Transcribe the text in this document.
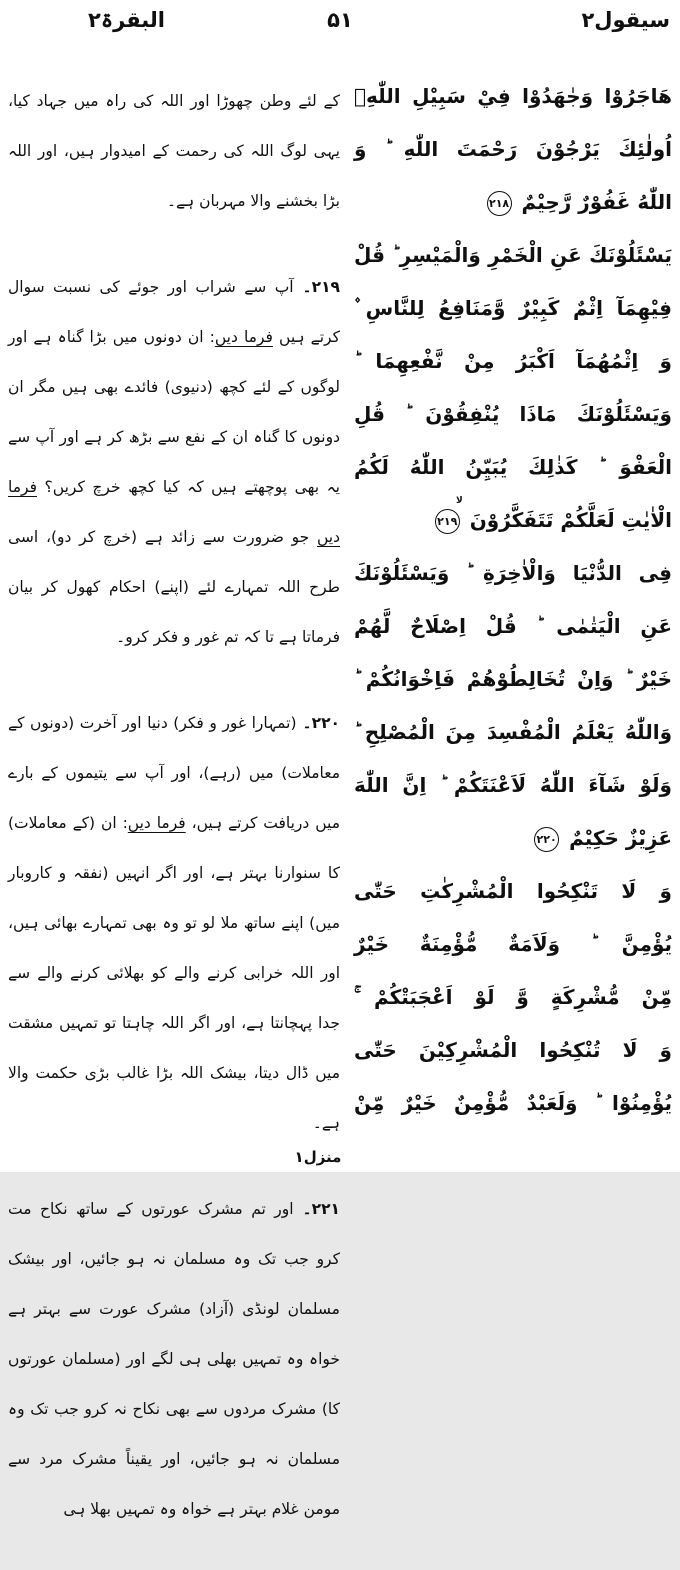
سیقول۲
۵۱
البقرۃ۲
هَاجَرُوْا وَجٰهَدُوْا فِيْ سَبِيْلِ اللّٰهِۙ
اُولٰئِكَ يَرْجُوْنَ رَحْمَتَ اللّٰهِ ؕ وَ
اللّٰهُ غَفُوْرٌ رَّحِيْمٌ ۲۱۸
يَسْئَلُوْنَكَ عَنِ الْخَمْرِ وَالْمَيْسِرِ ؕ قُلْ
فِيْهِمَآ اِثْمٌ كَبِيْرٌ وَّمَنَافِعُ لِلنَّاسِ ۫
وَ اِثْمُهُمَآ اَكْبَرُ مِنْ نَّفْعِهِمَا ؕ
وَيَسْئَلُوْنَكَ مَاذَا يُنْفِقُوْنَ ؕ قُلِ
الْعَفْوَ ؕ كَذٰلِكَ يُبَيِّنُ اللّٰهُ لَكُمُ
الْاٰيٰتِ لَعَلَّكُمْ تَتَفَكَّرُوْنَ ۲۱۹
لا
فِى الدُّنْيَا وَالْاٰخِرَةِ ؕ وَيَسْئَلُوْنَكَ
عَنِ الْيَتٰمٰى ؕ قُلْ اِصْلَاحٌ لَّهُمْ
خَيْرٌ ؕ وَاِنْ تُخَالِطُوْهُمْ فَاِخْوَانُكُمْ ؕ
وَاللّٰهُ يَعْلَمُ الْمُفْسِدَ مِنَ الْمُصْلِحِ ؕ
وَلَوْ شَآءَ اللّٰهُ لَاَعْنَتَكُمْ ؕ اِنَّ اللّٰهَ
عَزِيْزٌ حَكِيْمٌ ۲۲۰
وَ لَا تَنْكِحُوا الْمُشْرِكٰتِ حَتّٰى
يُؤْمِنَّ ؕ وَلَاَمَةٌ مُّؤْمِنَةٌ خَيْرٌ
مِّنْ مُّشْرِكَةٍ وَّ لَوْ اَعْجَبَتْكُمْ ۚ
وَ لَا تُنْكِحُوا الْمُشْرِكِيْنَ حَتّٰى
يُؤْمِنُوْا ؕ وَلَعَبْدٌ مُّؤْمِنٌ خَيْرٌ مِّنْ
کے لئے وطن چھوڑا اور اللہ کی راہ میں جہاد کیا، یہی لوگ اللہ کی رحمت کے امیدوار ہیں، اور اللہ بڑا بخشنے والا مہربان ہے۔
۲۱۹۔ آپ سے شراب اور جوئے کی نسبت سوال کرتے ہیں فرما دیں: ان دونوں میں بڑا گناہ ہے اور لوگوں کے لئے کچھ (دنیوی) فائدے بھی ہیں مگر ان دونوں کا گناہ ان کے نفع سے بڑھ کر ہے اور آپ سے یہ بھی پوچھتے ہیں کہ کیا کچھ خرچ کریں؟ فرما دیں جو ضرورت سے زائد ہے (خرچ کر دو)، اسی طرح اللہ تمہارے لئے (اپنے) احکام کھول کر بیان فرماتا ہے تا کہ تم غور و فکر کرو۔
۲۲۰۔ (تمہارا غور و فکر) دنیا اور آخرت (دونوں کے معاملات) میں (رہے)، اور آپ سے یتیموں کے بارے میں دریافت کرتے ہیں، فرما دیں: ان (کے معاملات) کا سنوارنا بہتر ہے، اور اگر انہیں (نفقہ و کاروبار میں) اپنے ساتھ ملا لو تو وہ بھی تمہارے بھائی ہیں، اور اللہ خرابی کرنے والے کو بھلائی کرنے والے سے جدا پہچانتا ہے، اور اگر اللہ چاہتا تو تمہیں مشقت میں ڈال دیتا، بیشک اللہ بڑا غالب بڑی حکمت والا ہے۔
۲۲۱۔ اور تم مشرک عورتوں کے ساتھ نکاح مت کرو جب تک وہ مسلمان نہ ہو جائیں، اور بیشک مسلمان لونڈی (آزاد) مشرک عورت سے بہتر ہے خواہ وہ تمہیں بھلی ہی لگے اور (مسلمان عورتوں کا) مشرک مردوں سے بھی نکاح نہ کرو جب تک وہ مسلمان نہ ہو جائیں، اور یقیناً مشرک مرد سے مومن غلام بہتر ہے خواہ وہ تمہیں بھلا ہی
منزل۱
